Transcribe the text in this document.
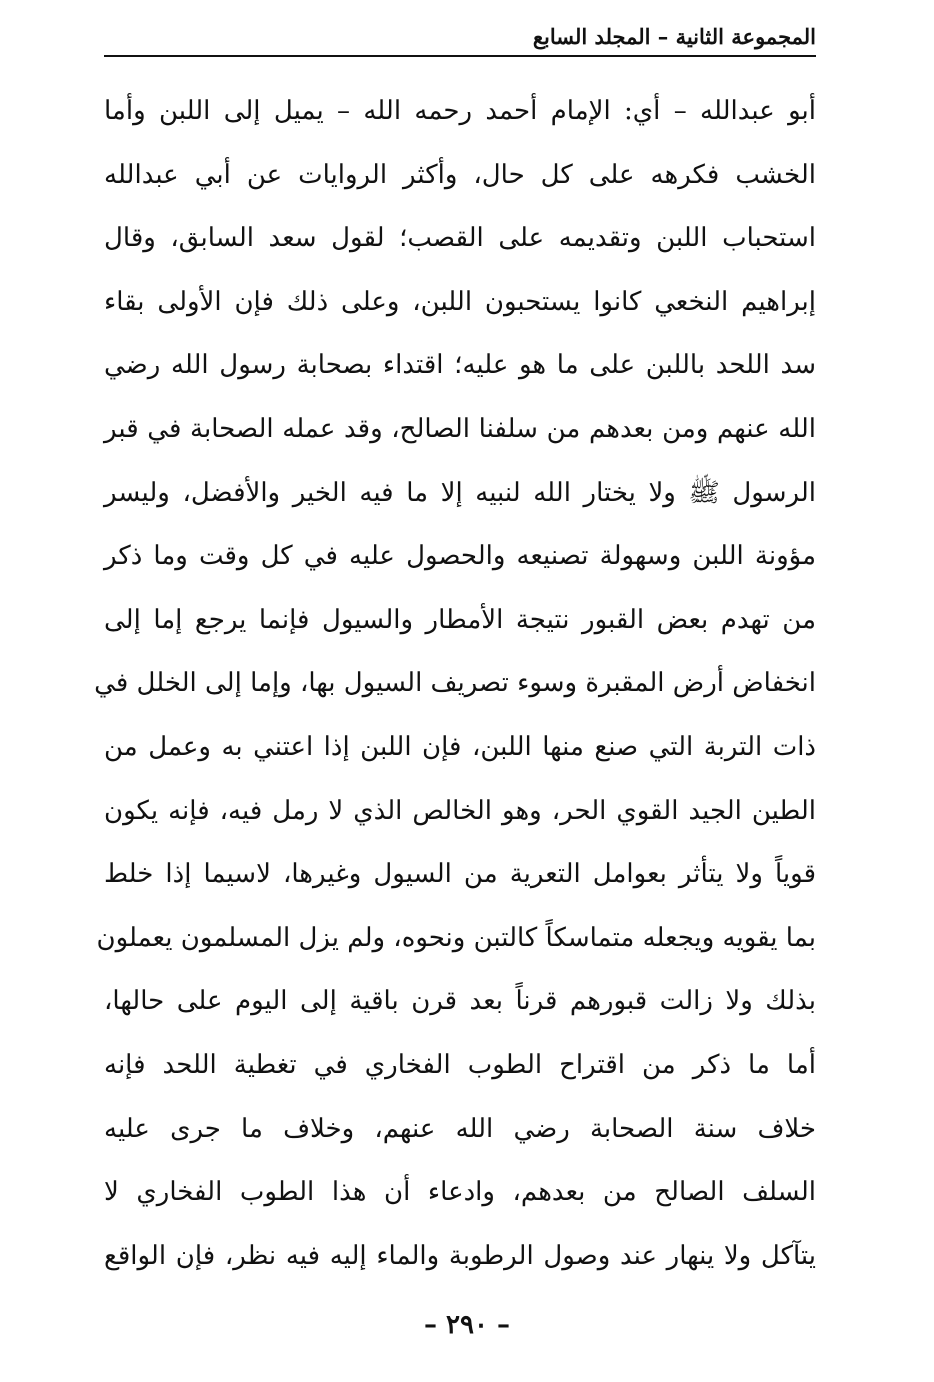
المجموعة الثانية – المجلد السابع
أبو عبدالله – أي: الإمام أحمد رحمه الله – يميل إلى اللبن وأما
الخشب فكرهه على كل حال، وأكثر الروايات عن أبي عبدالله
استحباب اللبن وتقديمه على القصب؛ لقول سعد السابق، وقال
إبراهيم النخعي كانوا يستحبون اللبن، وعلى ذلك فإن الأولى بقاء
سد اللحد باللبن على ما هو عليه؛ اقتداء بصحابة رسول الله رضي
الله عنهم ومن بعدهم من سلفنا الصالح، وقد عمله الصحابة في قبر
الرسول ﷺ ولا يختار الله لنبيه إلا ما فيه الخير والأفضل، وليسر
مؤونة اللبن وسهولة تصنيعه والحصول عليه في كل وقت وما ذكر
من تهدم بعض القبور نتيجة الأمطار والسيول فإنما يرجع إما إلى
انخفاض أرض المقبرة وسوء تصريف السيول بها، وإما إلى الخلل في
ذات التربة التي صنع منها اللبن، فإن اللبن إذا اعتني به وعمل من
الطين الجيد القوي الحر، وهو الخالص الذي لا رمل فيه، فإنه يكون
قوياً ولا يتأثر بعوامل التعرية من السيول وغيرها، لاسيما إذا خلط
بما يقويه ويجعله متماسكاً كالتبن ونحوه، ولم يزل المسلمون يعملون
بذلك ولا زالت قبورهم قرناً بعد قرن باقية إلى اليوم على حالها،
أما ما ذكر من اقتراح الطوب الفخاري في تغطية اللحد فإنه
خلاف سنة الصحابة رضي الله عنهم، وخلاف ما جرى عليه
السلف الصالح من بعدهم، وادعاء أن هذا الطوب الفخاري لا
يتآكل ولا ينهار عند وصول الرطوبة والماء إليه فيه نظر، فإن الواقع
– ٢٩٠ –
